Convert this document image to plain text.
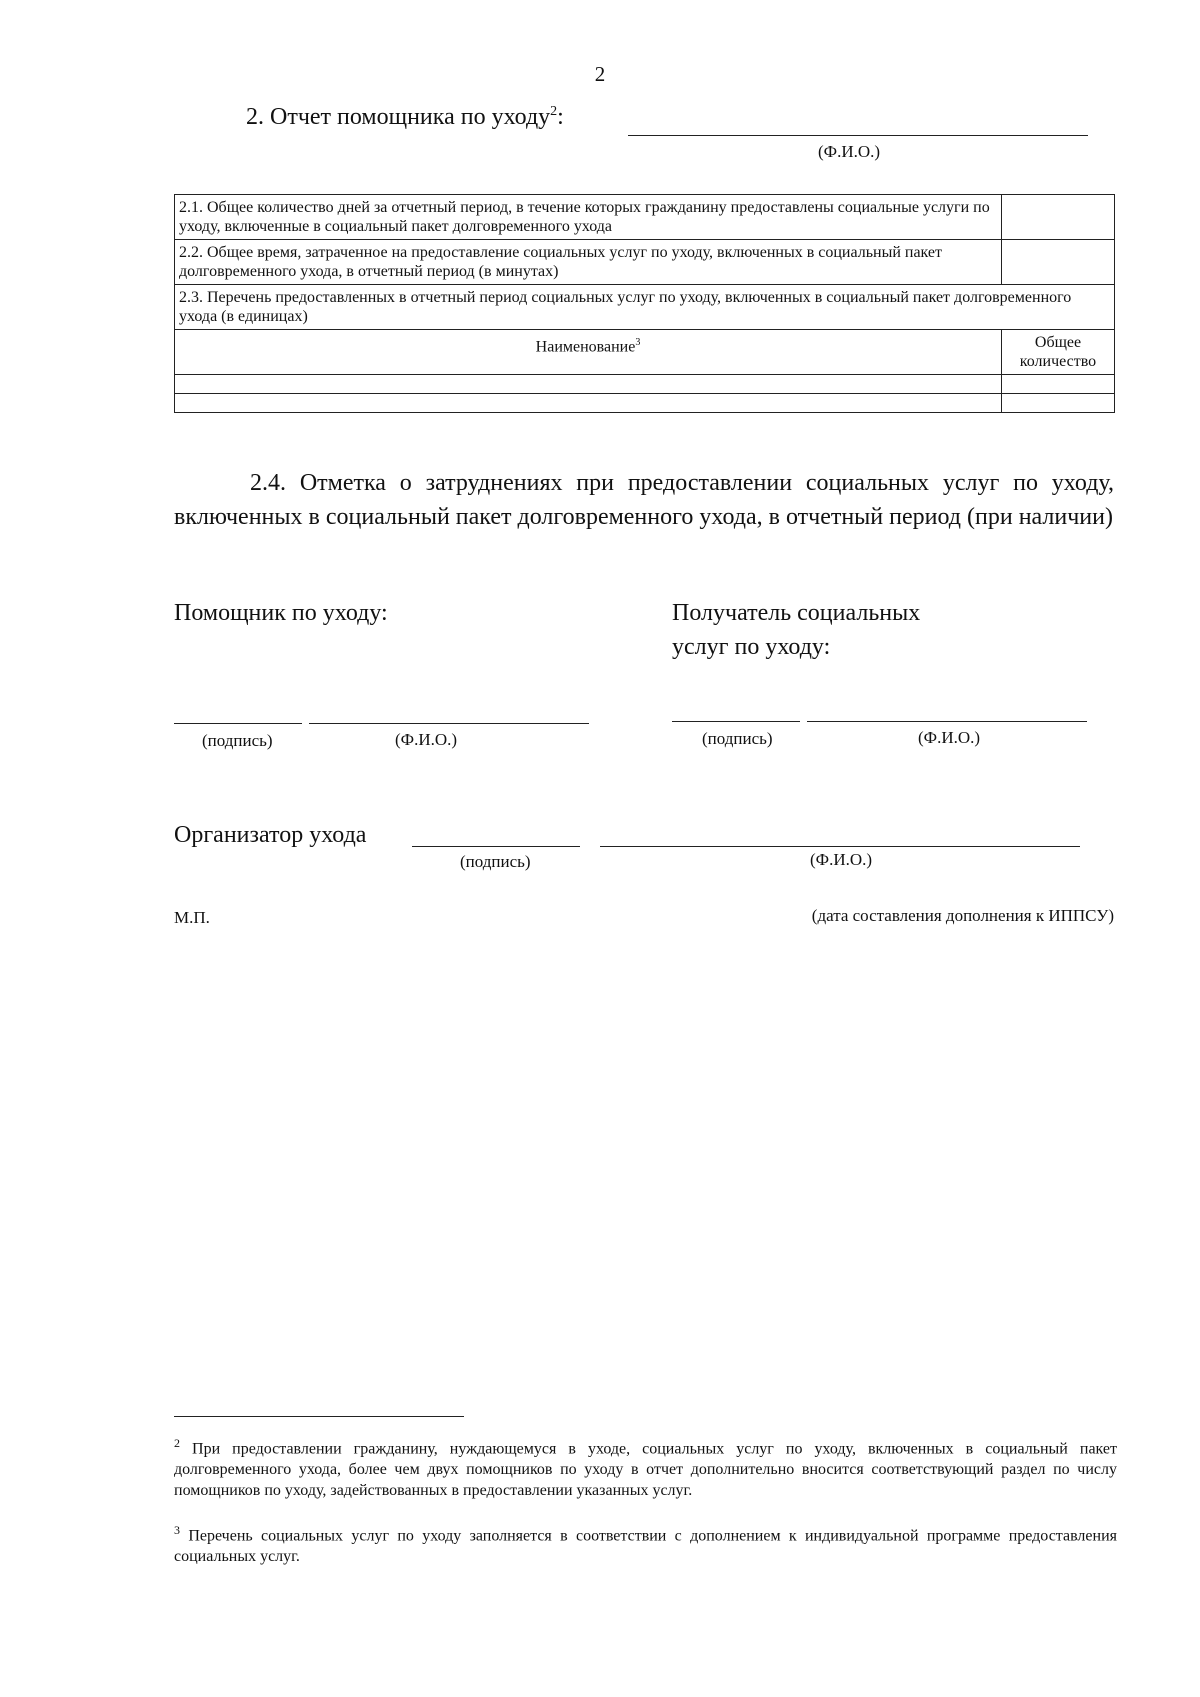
2
2. Отчет помощника по уходу$^2$:
(Ф.И.О.)
2.1. Общее количество дней за отчетный период, в течение которых гражданину предоставлены социальные услуги по уходу, включенные в социальный пакет долговременного ухода	
2.2. Общее время, затраченное на предоставление социальных услуг по уходу, включенных в социальный пакет долговременного ухода, в отчетный период (в минутах)	
2.3. Перечень предоставленных в отчетный период социальных услуг по уходу, включенных в социальный пакет долговременного ухода (в единицах)	
Наименование$^3$	Общее количество

2.4. Отметка о затруднениях при предоставлении социальных услуг по уходу, включенных в социальный пакет долговременного ухода, в отчетный период (при наличии)
Помощник по уходу:	Получатель социальных
услуг по уходу:
(подпись)	(Ф.И.О.)	(подпись)	(Ф.И.О.)
Организатор ухода
(подпись)	(Ф.И.О.)
М.П.	(дата составления дополнения к ИППСУ)
$^2$ При предоставлении гражданину, нуждающемуся в уходе, социальных услуг по уходу, включенных в социальный пакет долговременного ухода, более чем двух помощников по уходу в отчет дополнительно вносится соответствующий раздел по числу помощников по уходу, задействованных в предоставлении указанных услуг.
$^3$ Перечень социальных услуг по уходу заполняется в соответствии с дополнением к индивидуальной программе предоставления социальных услуг.
